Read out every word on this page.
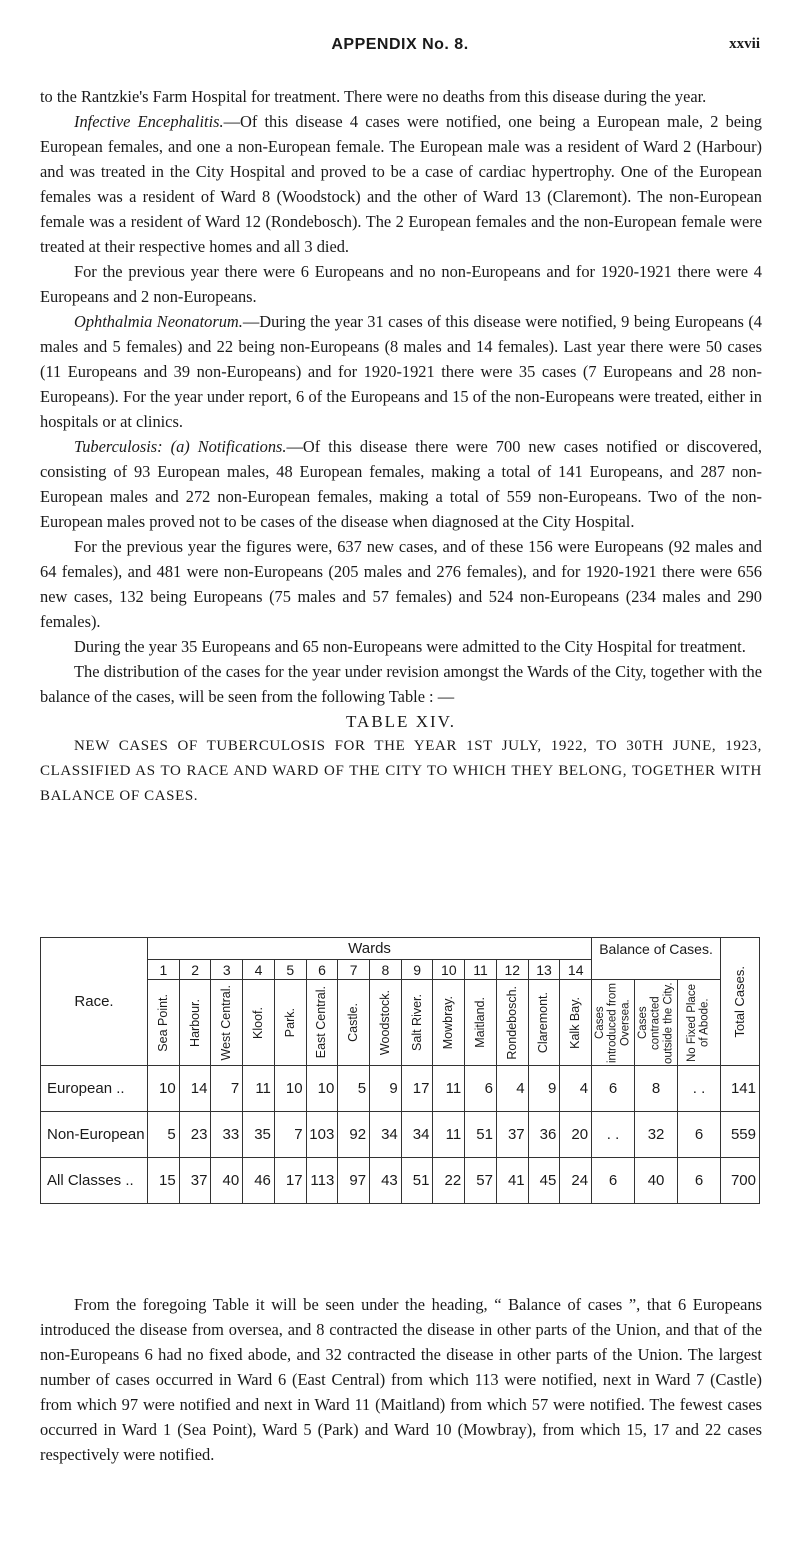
APPENDIX No. 8.	xxvii

to the Rantzkie's Farm Hospital for treatment. There were no deaths from this disease during the year.

Infective Encephalitis.—Of this disease 4 cases were notified, one being a European male, 2 being European females, and one a non-European female. The European male was a resident of Ward 2 (Harbour) and was treated in the City Hospital and proved to be a case of cardiac hypertrophy. One of the European females was a resident of Ward 8 (Woodstock) and the other of Ward 13 (Claremont). The non-European female was a resident of Ward 12 (Rondebosch). The 2 European females and the non-European female were treated at their respective homes and all 3 died.

For the previous year there were 6 Europeans and no non-Europeans and for 1920-1921 there were 4 Europeans and 2 non-Europeans.

Ophthalmia Neonatorum.—During the year 31 cases of this disease were notified, 9 being Europeans (4 males and 5 females) and 22 being non-Europeans (8 males and 14 females). Last year there were 50 cases (11 Europeans and 39 non-Europeans) and for 1920-1921 there were 35 cases (7 Europeans and 28 non-Europeans). For the year under report, 6 of the Europeans and 15 of the non-Europeans were treated, either in hospitals or at clinics.

Tuberculosis: (a) Notifications.—Of this disease there were 700 new cases notified or discovered, consisting of 93 European males, 48 European females, making a total of 141 Europeans, and 287 non-European males and 272 non-European females, making a total of 559 non-Europeans. Two of the non-European males proved not to be cases of the disease when diagnosed at the City Hospital.

For the previous year the figures were, 637 new cases, and of these 156 were Europeans (92 males and 64 females), and 481 were non-Europeans (205 males and 276 females), and for 1920-1921 there were 656 new cases, 132 being Europeans (75 males and 57 females) and 524 non-Europeans (234 males and 290 females).

During the year 35 Europeans and 65 non-Europeans were admitted to the City Hospital for treatment.

The distribution of the cases for the year under revision amongst the Wards of the City, together with the balance of the cases, will be seen from the following Table : —

TABLE XIV.

NEW CASES OF TUBERCULOSIS FOR THE YEAR 1ST JULY, 1922, TO 30TH JUNE, 1923, CLASSIFIED AS TO RACE AND WARD OF THE CITY TO WHICH THEY BELONG, TOGETHER WITH BALANCE OF CASES.

Race.	Wards														Balance of Cases.			Total Cases.

	1	2	3	4	5	6	7	8	9	10	11	12	13	14				

	Sea Point.	Harbour.	West Central.	Kloof.	Park.	East Central.	Castle.	Woodstock.	Salt River.	Mowbray.	Maitland.	Rondebosch.	Claremont.	Kalk Bay.	Cases introduced from Oversea.	Cases contracted outside the City.	No Fixed Place of Abode.	

European ..	10	14	7	11	10	10	5	9	17	11	6	4	9	4	6	8	. .	141
Non-European	5	23	33	35	7	103	92	34	34	11	51	37	36	20	. .	32	6	559
All Classes ..	15	37	40	46	17	113	97	43	51	22	57	41	45	24	6	40	6	700

From the foregoing Table it will be seen under the heading, “ Balance of cases ”, that 6 Europeans introduced the disease from oversea, and 8 contracted the disease in other parts of the Union, and that of the non-Europeans 6 had no fixed abode, and 32 contracted the disease in other parts of the Union. The largest number of cases occurred in Ward 6 (East Central) from which 113 were notified, next in Ward 7 (Castle) from which 97 were notified and next in Ward 11 (Maitland) from which 57 were notified. The fewest cases occurred in Ward 1 (Sea Point), Ward 5 (Park) and Ward 10 (Mowbray), from which 15, 17 and 22 cases respectively were notified.
